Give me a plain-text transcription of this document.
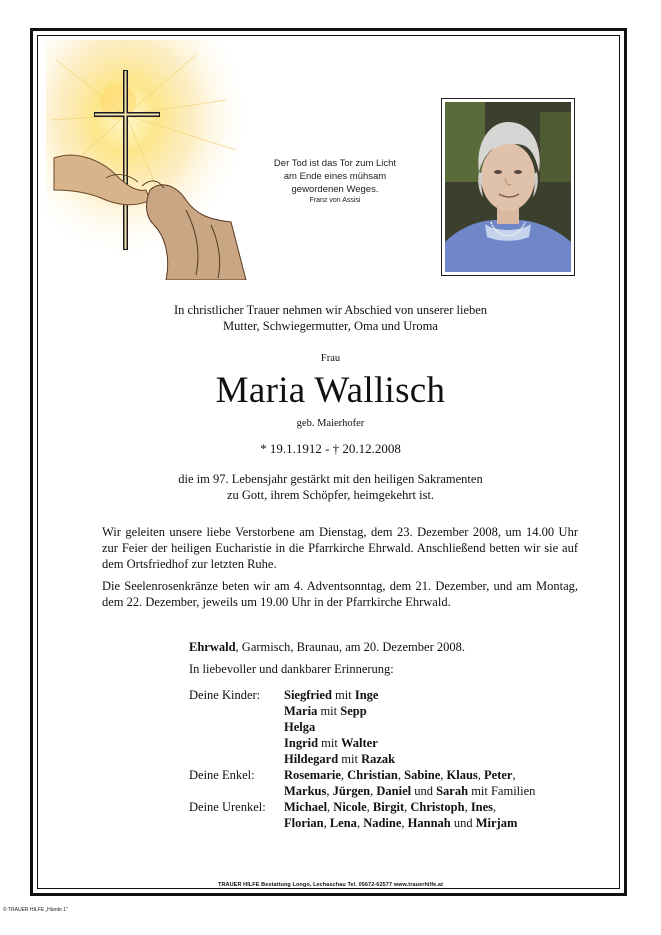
Der Tod ist das Tor zum Licht
am Ende eines mühsam
gewordenen Weges.
Franz von Assisi
In christlicher Trauer nehmen wir Abschied von unserer lieben
Mutter, Schwiegermutter, Oma und Uroma
Frau
Maria Wallisch
geb. Maierhofer
* 19.1.1912 - † 20.12.2008
die im 97. Lebensjahr gestärkt mit den heiligen Sakramenten
zu Gott, ihrem Schöpfer, heimgekehrt ist.
Wir geleiten unsere liebe Verstorbene am Dienstag, dem 23. Dezember 2008, um 14.00 Uhr zur Feier der heiligen Eucharistie in die Pfarrkirche Ehrwald. Anschließend betten wir sie auf dem Ortsfriedhof zur letzten Ruhe.
Die Seelenrosenkränze beten wir am 4. Adventsonntag, dem 21. Dezember, und am Montag, dem 22. Dezember, jeweils um 19.00 Uhr in der Pfarrkirche Ehrwald.
Ehrwald, Garmisch, Braunau, am 20. Dezember 2008.
In liebevoller und dankbarer Erinnerung:
Deine Kinder: Siegfried mit Inge
Maria mit Sepp
Helga
Ingrid mit Walter
Hildegard mit Razak
Deine Enkel: Rosemarie, Christian, Sabine, Klaus, Peter,
Markus, Jürgen, Daniel und Sarah mit Familien
Deine Urenkel: Michael, Nicole, Birgit, Christoph, Ines,
Florian, Lena, Nadine, Hannah und Mirjam
TRAUER HILFE Bestattung Longo, Lechaschau Tel. 05672-62577 www.trauerhilfe.at
© TRAUER HILFE „Hände 1“
